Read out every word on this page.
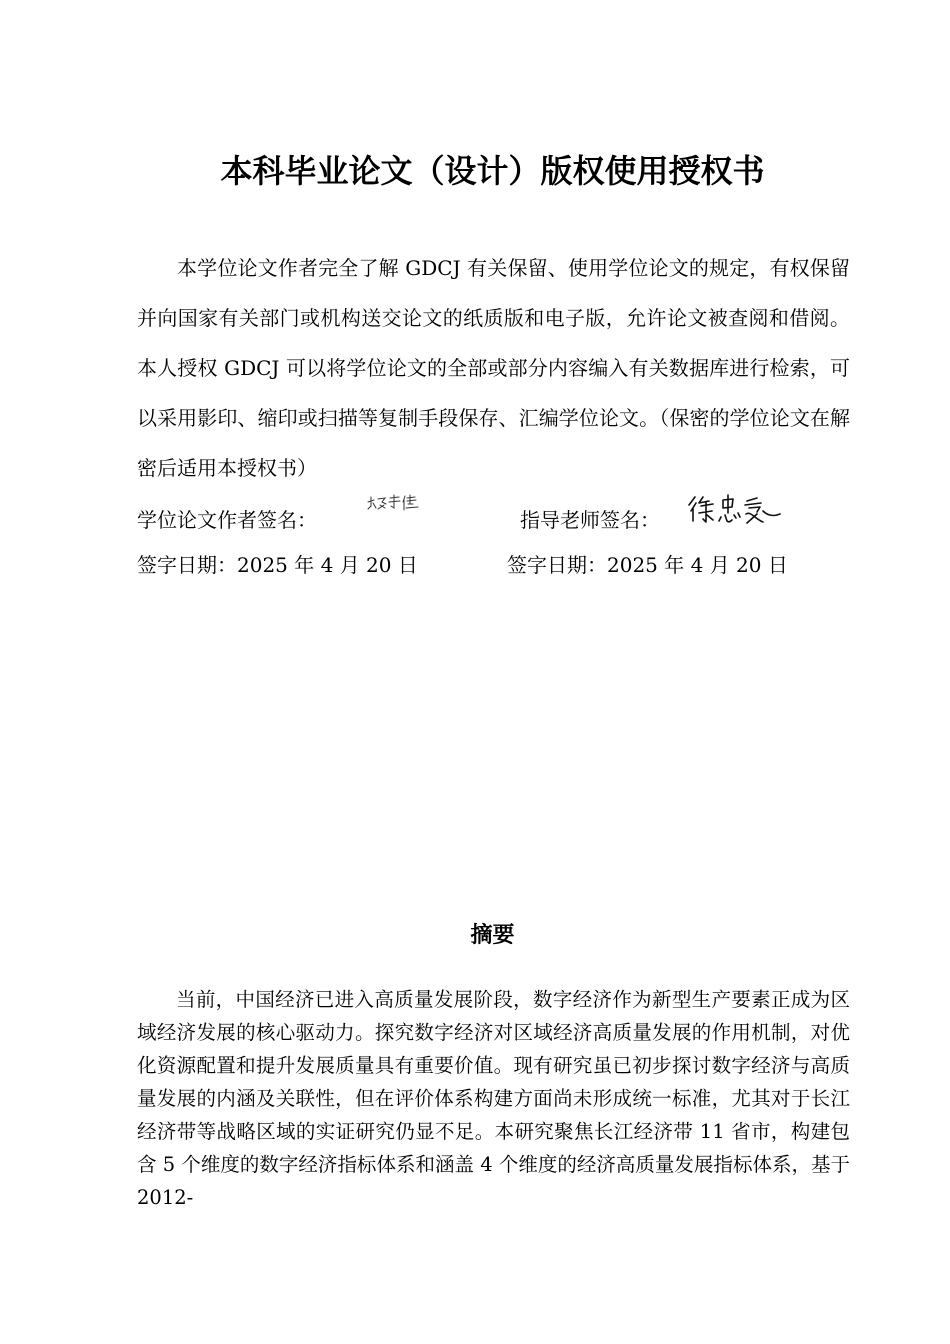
本科毕业论文（设计）版权使用授权书

本学位论文作者完全了解 GDCJ 有关保留、使用学位论文的规定，有权保留并向国家有关部门或机构送交论文的纸质版和电子版，允许论文被查阅和借阅。本人授权 GDCJ 可以将学位论文的全部或部分内容编入有关数据库进行检索，可以采用影印、缩印或扫描等复制手段保存、汇编学位论文。（保密的学位论文在解密后适用本授权书）

学位论文作者签名：	指导老师签名：
签字日期：2025 年 4 月 20 日	签字日期：2025 年 4 月 20 日
摘要

当前，中国经济已进入高质量发展阶段，数字经济作为新型生产要素正成为区域经济发展的核心驱动力。探究数字经济对区域经济高质量发展的作用机制，对优化资源配置和提升发展质量具有重要价值。现有研究虽已初步探讨数字经济与高质量发展的内涵及关联性，但在评价体系构建方面尚未形成统一标准，尤其对于长江经济带等战略区域的实证研究仍显不足。本研究聚焦长江经济带 11 省市，构建包含 5 个维度的数字经济指标体系和涵盖 4 个维度的经济高质量发展指标体系，基于 2012-
